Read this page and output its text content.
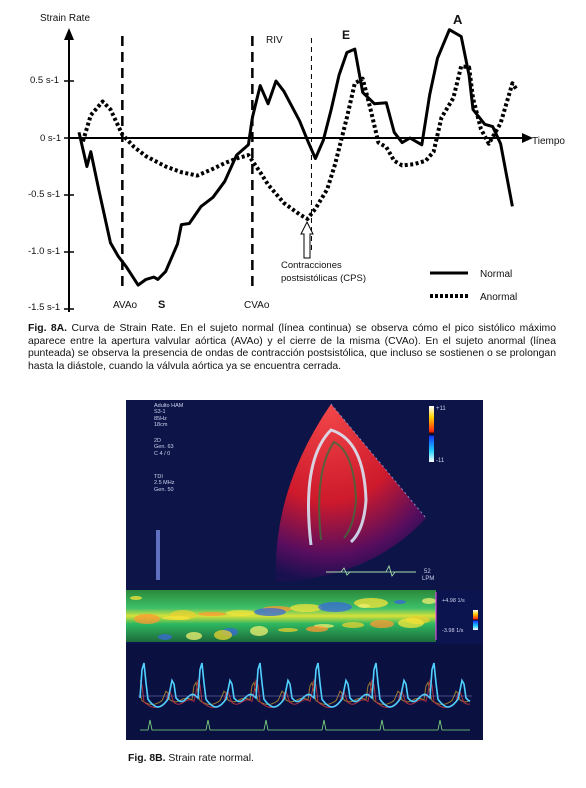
Strain Rate
Tiempo
0.5 s-1
0 s-1
-0.5 s-1
-1.0 s-1
-1.5 s-1	AVAo	CVAo
RIV
S
E
A
Contracciones
postsistólicas (CPS)	Normal
Anormal
Fig. 8A. Curva de Strain Rate. En el sujeto normal (línea continua) se observa cómo el pico sistólico máximo aparece entre la apertura valvular aórtica (AVAo) y el cierre de la misma (CVAo). En el sujeto anormal (línea punteada) se observa la presencia de ondas de contracción postsistólica, que incluso se sostienen o se prolongan hasta la diástole, cuando la válvula aórtica ya se encuentra cerrada.
+11
-11
52
LPM
+4.98 1/s
-3.98 1/s
Adulto HAM
S3-1
85Hz
18cm
2D
Gen. 63
C 4 / 0
TDI
2.5 MHz
Gen. 50
Fig. 8B. Strain rate normal.
